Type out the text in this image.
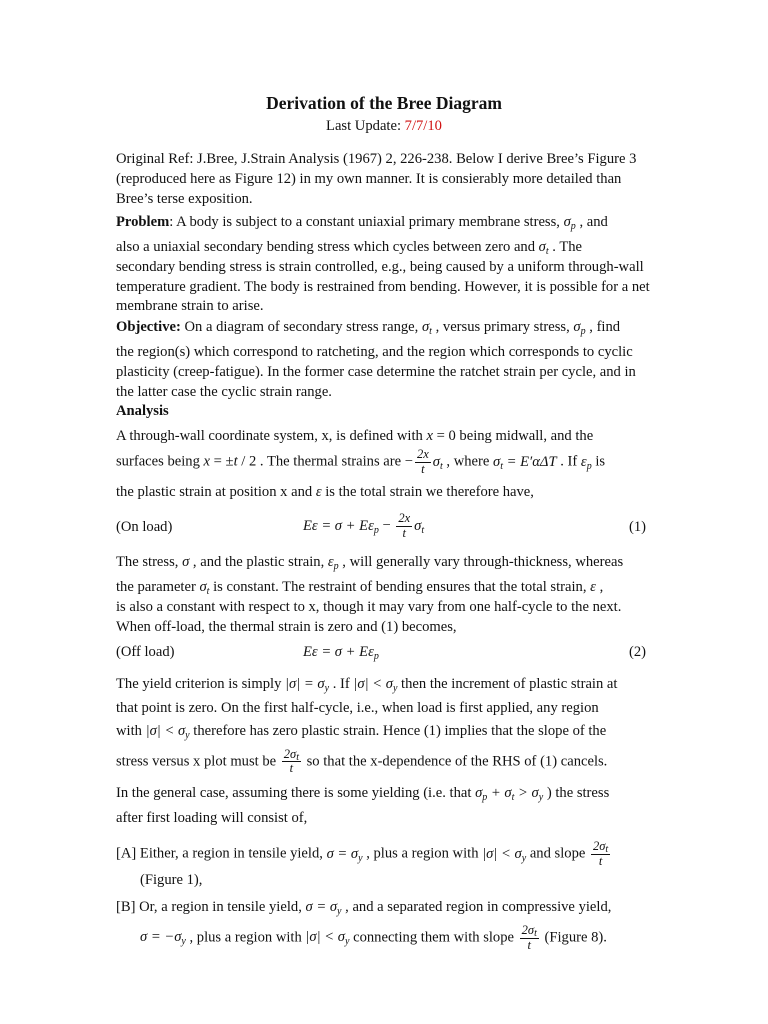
Derivation of the Bree Diagram
Last Update: 7/7/10

Original Ref: J.Bree, J.Strain Analysis (1967) 2, 226-238. Below I derive Bree’s Figure 3 (reproduced here as Figure 12) in my own manner. It is consierably more detailed than Bree’s terse exposition.

Problem: A body is subject to a constant uniaxial primary membrane stress, $\sigma_p$ , and

also a uniaxial secondary bending stress which cycles between zero and $\sigma_t$ . The

secondary bending stress is strain controlled, e.g., being caused by a uniform through-wall temperature gradient. The body is restrained from bending. However, it is possible for a net membrane strain to arise.

Objective: On a diagram of secondary stress range, $\sigma_t$ , versus primary stress, $\sigma_p$ , find

the region(s) which correspond to ratcheting, and the region which corresponds to cyclic plasticity (creep-fatigue). In the former case determine the ratchet strain per cycle, and in the latter case the cyclic strain range.

Analysis

A through-wall coordinate system, x, is defined with x = 0 being midwall, and the

surfaces being x = ±t / 2 . The thermal strains are − $\frac{2x}{t} \sigma_t$ , where $\sigma_t = E'\alpha\Delta T$ . If $\varepsilon_p$ is

the plastic strain at position x and ε is the total strain we therefore have,

(On load)	$E\varepsilon = \sigma + E\varepsilon_p - \frac{2x}{t} \sigma_t$	(1)

The stress, σ , and the plastic strain, $\varepsilon_p$ , will generally vary through-thickness, whereas

the parameter $\sigma_t$ is constant. The restraint of bending ensures that the total strain, ε ,

is also a constant with respect to x, though it may vary from one half-cycle to the next. When off-load, the thermal strain is zero and (1) becomes,

(Off load)	$E\varepsilon = \sigma + E\varepsilon_p$	(2)

The yield criterion is simply $|\sigma| = \sigma_y$ . If $|\sigma| < \sigma_y$ then the increment of plastic strain at

that point is zero. On the first half-cycle, i.e., when load is first applied, any region

with $|\sigma| < \sigma_y$ therefore has zero plastic strain. Hence (1) implies that the slope of the

stress versus x plot must be $\frac{2\sigma t}{t}$ so that the x-dependence of the RHS of (1) cancels.

In the general case, assuming there is some yielding (i.e. that $\sigma_p + \sigma_t > \sigma_y$ ) the stress

after first loading will consist of,

[A] Either, a region in tensile yield, $\sigma = \sigma_y$ , plus a region with $|\sigma| < \sigma_y$ and slope $\frac{2\sigma t}{t}$

(Figure 1),

[B] Or, a region in tensile yield, $\sigma = \sigma_y$ , and a separated region in compressive yield,

$\sigma = -\sigma_y$ , plus a region with $|\sigma| < \sigma_y$ connecting them with slope $\frac{2\sigma t}{t}$ (Figure 8).
